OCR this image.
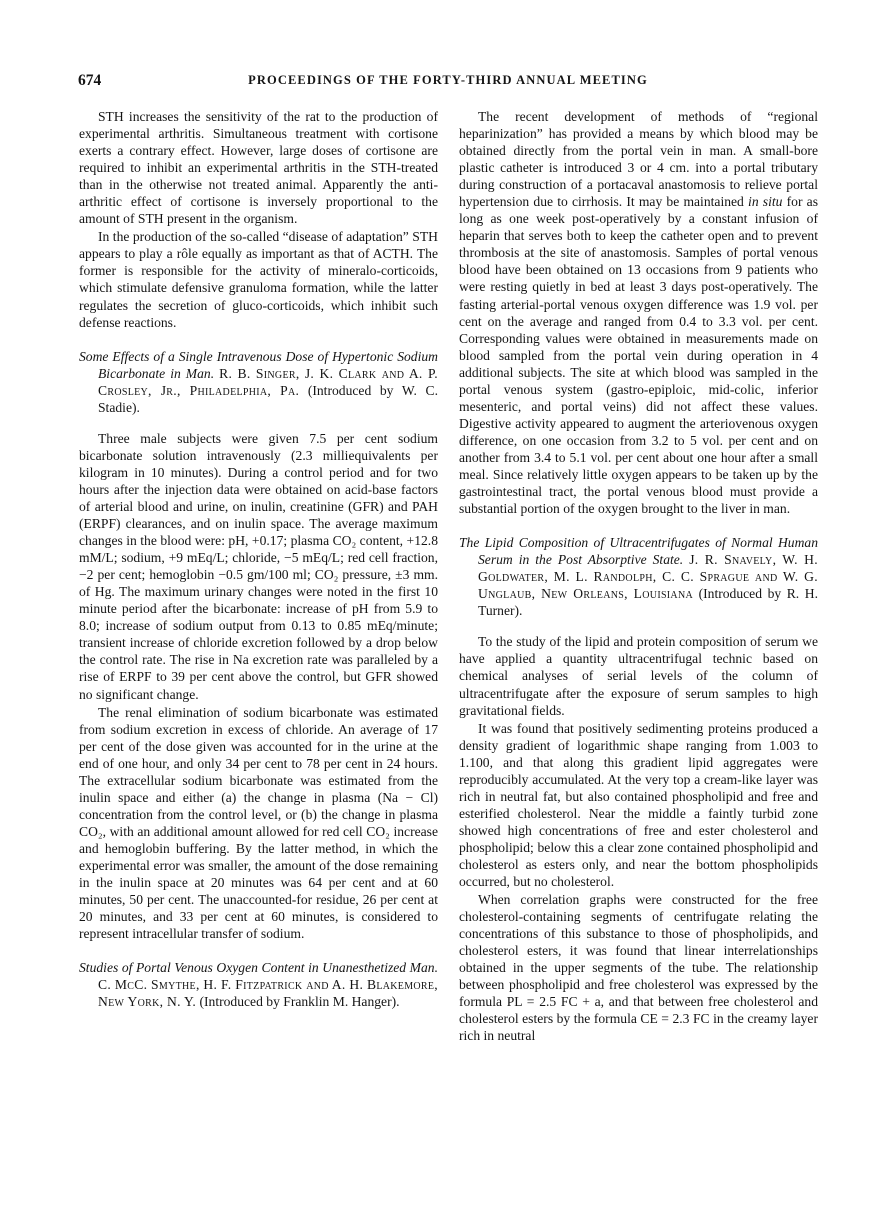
674	PROCEEDINGS OF THE FORTY-THIRD ANNUAL MEETING

STH increases the sensitivity of the rat to the production of experimental arthritis. Simultaneous treatment with cortisone exerts a contrary effect. However, large doses of cortisone are required to inhibit an experimental arthritis in the STH-treated than in the otherwise not treated animal. Apparently the anti-arthritic effect of cortisone is inversely proportional to the amount of STH present in the organism.

In the production of the so-called “disease of adaptation” STH appears to play a rôle equally as important as that of ACTH. The former is responsible for the activity of mineralo-corticoids, which stimulate defensive granuloma formation, while the latter regulates the secretion of gluco-corticoids, which inhibit such defense reactions.

Some Effects of a Single Intravenous Dose of Hypertonic Sodium Bicarbonate in Man. R. B. Singer, J. K. Clark and A. P. Crosley, Jr., Philadelphia, Pa. (Introduced by W. C. Stadie).

Three male subjects were given 7.5 per cent sodium bicarbonate solution intravenously (2.3 milliequivalents per kilogram in 10 minutes). During a control period and for two hours after the injection data were obtained on acid-base factors of arterial blood and urine, on inulin, creatinine (GFR) and PAH (ERPF) clearances, and on inulin space. The average maximum changes in the blood were: pH, +0.17; plasma CO₂ content, +12.8 mM/L; sodium, +9 mEq/L; chloride, −5 mEq/L; red cell fraction, −2 per cent; hemoglobin −0.5 gm/100 ml; CO₂ pressure, ±3 mm. of Hg. The maximum urinary changes were noted in the first 10 minute period after the bicarbonate: increase of pH from 5.9 to 8.0; increase of sodium output from 0.13 to 0.85 mEq/minute; transient increase of chloride excretion followed by a drop below the control rate. The rise in Na excretion rate was paralleled by a rise of ERPF to 39 per cent above the control, but GFR showed no significant change.

The renal elimination of sodium bicarbonate was estimated from sodium excretion in excess of chloride. An average of 17 per cent of the dose given was accounted for in the urine at the end of one hour, and only 34 per cent to 78 per cent in 24 hours. The extracellular sodium bicarbonate was estimated from the inulin space and either (a) the change in plasma (Na − Cl) concentration from the control level, or (b) the change in plasma CO₂, with an additional amount allowed for red cell CO₂ increase and hemoglobin buffering. By the latter method, in which the experimental error was smaller, the amount of the dose remaining in the inulin space at 20 minutes was 64 per cent and at 60 minutes, 50 per cent. The unaccounted-for residue, 26 per cent at 20 minutes, and 33 per cent at 60 minutes, is considered to represent intracellular transfer of sodium.

Studies of Portal Venous Oxygen Content in Unanesthetized Man. C. McC. Smythe, H. F. Fitzpatrick and A. H. Blakemore, New York, N. Y. (Introduced by Franklin M. Hanger).

The recent development of methods of “regional heparinization” has provided a means by which blood may be obtained directly from the portal vein in man. A small-bore plastic catheter is introduced 3 or 4 cm. into a portal tributary during construction of a portacaval anastomosis to relieve portal hypertension due to cirrhosis. It may be maintained in situ for as long as one week post-operatively by a constant infusion of heparin that serves both to keep the catheter open and to prevent thrombosis at the site of anastomosis. Samples of portal venous blood have been obtained on 13 occasions from 9 patients who were resting quietly in bed at least 3 days post-operatively. The fasting arterial-portal venous oxygen difference was 1.9 vol. per cent on the average and ranged from 0.4 to 3.3 vol. per cent. Corresponding values were obtained in measurements made on blood sampled from the portal vein during operation in 4 additional subjects. The site at which blood was sampled in the portal venous system (gastro-epiploic, mid-colic, inferior mesenteric, and portal veins) did not affect these values. Digestive activity appeared to augment the arteriovenous oxygen difference, on one occasion from 3.2 to 5 vol. per cent and on another from 3.4 to 5.1 vol. per cent about one hour after a small meal. Since relatively little oxygen appears to be taken up by the gastrointestinal tract, the portal venous blood must provide a substantial portion of the oxygen brought to the liver in man.

The Lipid Composition of Ultracentrifugates of Normal Human Serum in the Post Absorptive State. J. R. Snavely, W. H. Goldwater, M. L. Randolph, C. C. Sprague and W. G. Unglaub, New Orleans, Louisiana (Introduced by R. H. Turner).

To the study of the lipid and protein composition of serum we have applied a quantity ultracentrifugal technic based on chemical analyses of serial levels of the column of ultracentrifugate after the exposure of serum samples to high gravitational fields.

It was found that positively sedimenting proteins produced a density gradient of logarithmic shape ranging from 1.003 to 1.100, and that along this gradient lipid aggregates were reproducibly accumulated. At the very top a cream-like layer was rich in neutral fat, but also contained phospholipid and free and esterified cholesterol. Near the middle a faintly turbid zone showed high concentrations of free and ester cholesterol and phospholipid; below this a clear zone contained phospholipid and cholesterol as esters only, and near the bottom phospholipids occurred, but no cholesterol.

When correlation graphs were constructed for the free cholesterol-containing segments of centrifugate relating the concentrations of this substance to those of phospholipids, and cholesterol esters, it was found that linear interrelationships obtained in the upper segments of the tube. The relationship between phospholipid and free cholesterol was expressed by the formula PL = 2.5 FC + a, and that between free cholesterol and cholesterol esters by the formula CE = 2.3 FC in the creamy layer rich in neutral
